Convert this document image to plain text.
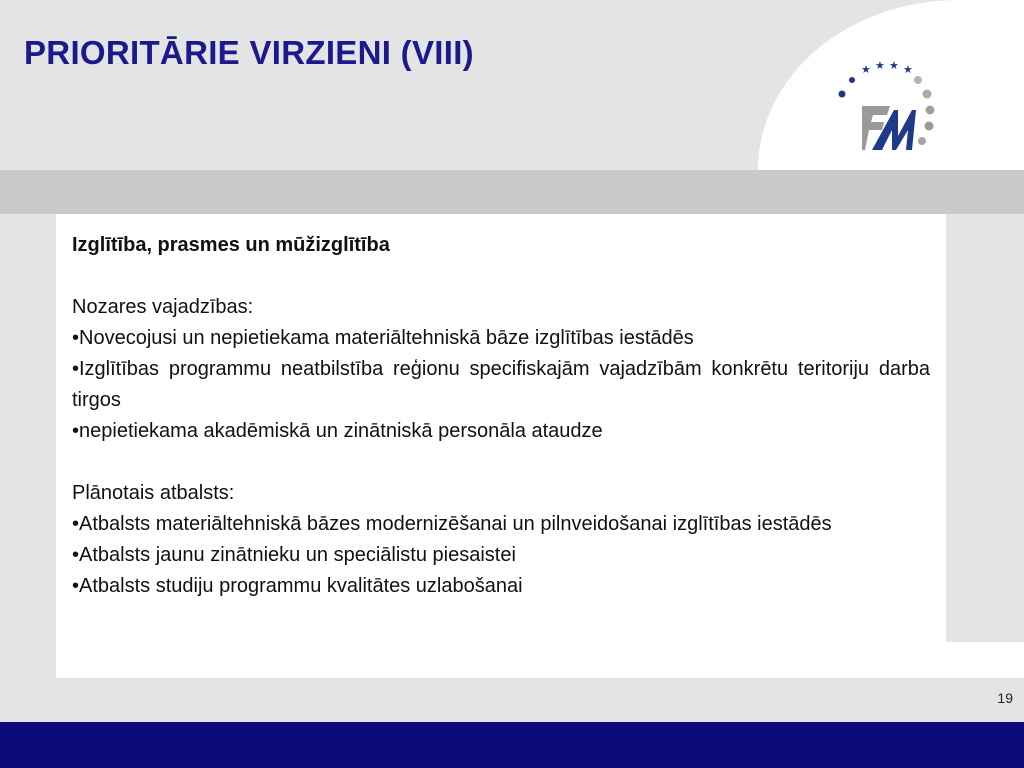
PRIORITĀRIE VIRZIENI (VIII)	★ ★ ★ ★

Izglītība, prasmes un mūžizglītība

Nozares vajadzības:

•Novecojusi un nepietiekama materiāltehniskā bāze izglītības iestādēs

•Izglītības programmu neatbilstība reģionu specifiskajām vajadzībām konkrētu teritoriju darba tirgos

•nepietiekama akadēmiskā un zinātniskā personāla ataudze

Plānotais atbalsts:

•Atbalsts materiāltehniskā bāzes modernizēšanai un pilnveidošanai izglītības iestādēs

•Atbalsts jaunu zinātnieku un speciālistu piesaistei

•Atbalsts studiju programmu kvalitātes uzlabošanai

19
